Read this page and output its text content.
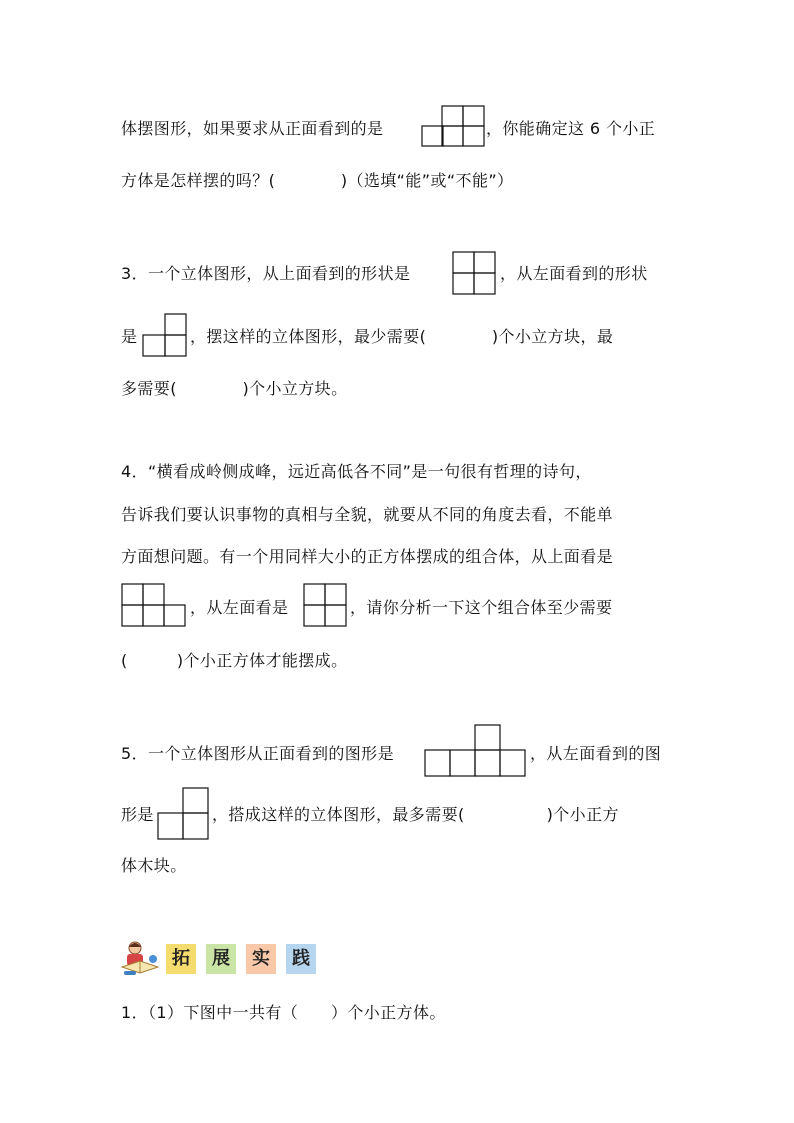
体摆图形，如果要求从正面看到的是	，你能确定这 6 个小正
方体是怎样摆的吗？(　　　　)（选填“能”或“不能”）
3．一个立体图形，从上面看到的形状是	，从左面看到的形状
是	，摆这样的立体图形，最少需要(　　　　)个小立方块，最
多需要(　　　　)个小立方块。
4．“横看成岭侧成峰，远近高低各不同”是一句很有哲理的诗句，
告诉我们要认识事物的真相与全貌，就要从不同的角度去看，不能单
方面想问题。有一个用同样大小的正方体摆成的组合体，从上面看是
，从左面看是	，请你分析一下这个组合体至少需要
(　　　)个小正方体才能摆成。
5．一个立体图形从正面看到的图形是	，从左面看到的图
形是	，搭成这样的立体图形，最多需要(　　　　　)个小正方
体木块。
拓	展	实	践
1．（1）下图中一共有（　　）个小正方体。
